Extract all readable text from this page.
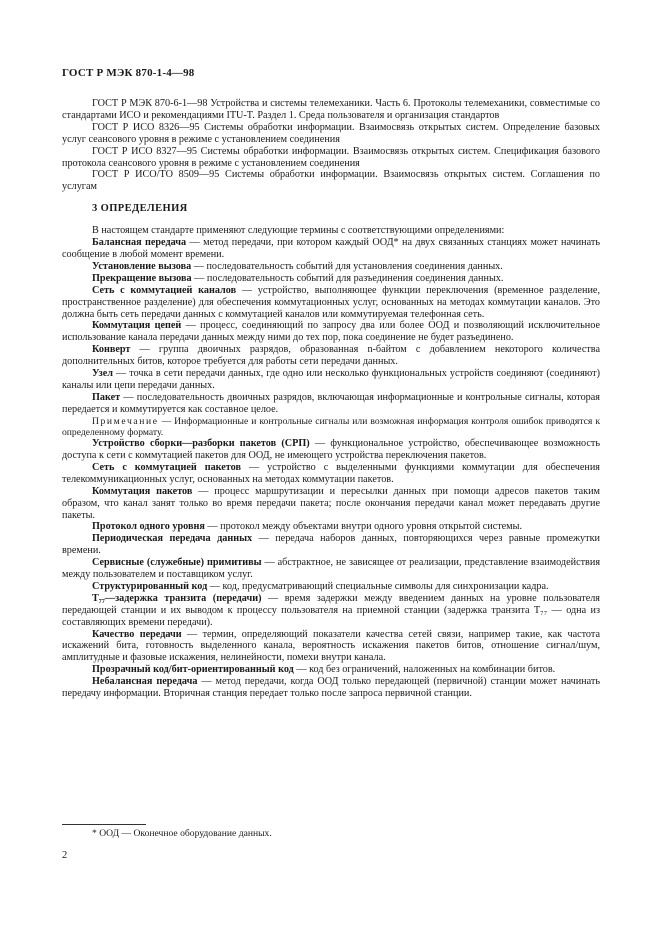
ГОСТ Р МЭК 870-1-4—98

ГОСТ Р МЭК 870-6-1—98 Устройства и системы телемеханики. Часть 6. Протоколы телемеханики, совместимые со стандартами ИСО и рекомендациями ITU-T. Раздел 1. Среда пользователя и организация стандартов

ГОСТ Р ИСО 8326—95 Системы обработки информации. Взаимосвязь открытых систем. Определение базовых услуг сеансового уровня в режиме с установлением соединения

ГОСТ Р ИСО 8327—95 Системы обработки информации. Взаимосвязь открытых систем. Спецификация базового протокола сеансового уровня в режиме с установлением соединения

ГОСТ Р ИСО/ТО 8509—95 Системы обработки информации. Взаимосвязь открытых систем. Соглашения по услугам

3 ОПРЕДЕЛЕНИЯ

В настоящем стандарте применяют следующие термины с соответствующими определениями:

Балансная передача — метод передачи, при котором каждый ООД* на двух связанных станциях может начинать сообщение в любой момент времени.

Установление вызова — последовательность событий для установления соединения данных.

Прекращение вызова — последовательность событий для разъединения соединения данных.

Сеть с коммутацией каналов — устройство, выполняющее функции переключения (временное разделение, пространственное разделение) для обеспечения коммутационных услуг, основанных на методах коммутации каналов. Это должна быть сеть передачи данных с коммутацией каналов или коммутируемая телефонная сеть.

Коммутация цепей — процесс, соединяющий по запросу два или более ООД и позволяющий исключительное использование канала передачи данных между ними до тех пор, пока соединение не будет разъединено.

Конверт — группа двоичных разрядов, образованная n-байтом с добавлением некоторого количества дополнительных битов, которое требуется для работы сети передачи данных.

Узел — точка в сети передачи данных, где одно или несколько функциональных устройств соединяют (соединяют) каналы или цепи передачи данных.

Пакет — последовательность двоичных разрядов, включающая информационные и контрольные сигналы, которая передается и коммутируется как составное целое.

Примечание — Информационные и контрольные сигналы или возможная информация контроля ошибок приводятся к определенному формату.

Устройство сборки—разборки пакетов (СРП) — функциональное устройство, обеспечивающее возможность доступа к сети с коммутацией пакетов для ООД, не имеющего устройства переключения пакетов.

Сеть с коммутацией пакетов — устройство с выделенными функциями коммутации для обеспечения телекоммуникационных услуг, основанных на методах коммутации пакетов.

Коммутация пакетов — процесс маршрутизации и пересылки данных при помощи адресов пакетов таким образом, что канал занят только во время передачи пакета; после окончания передачи канал может передавать другие пакеты.

Протокол одного уровня — протокол между объектами внутри одного уровня открытой системы.

Периодическая передача данных — передача наборов данных, повторяющихся через равные промежутки времени.

Сервисные (служебные) примитивы — абстрактное, не зависящее от реализации, представление взаимодействия между пользователем и поставщиком услуг.

Структурированный код — код, предусматривающий специальные символы для синхронизации кадра.

T₇₇—задержка транзита (передачи) — время задержки между введением данных на уровне пользователя передающей станции и их выводом к процессу пользователя на приемной станции (задержка транзита T₇₇ — одна из составляющих времени передачи).

Качество передачи — термин, определяющий показатели качества сетей связи, например такие, как частота искажений бита, готовность выделенного канала, вероятность искажения пакетов битов, отношение сигнал/шум, амплитудные и фазовые искажения, нелинейности, помехи внутри канала.

Прозрачный код/бит-ориентированный код — код без ограничений, наложенных на комбинации битов.

Небалансная передача — метод передачи, когда ООД только передающей (первичной) станции может начинать передачу информации. Вторичная станция передает только после запроса первичной станции.

* ООД — Оконечное оборудование данных.
2
